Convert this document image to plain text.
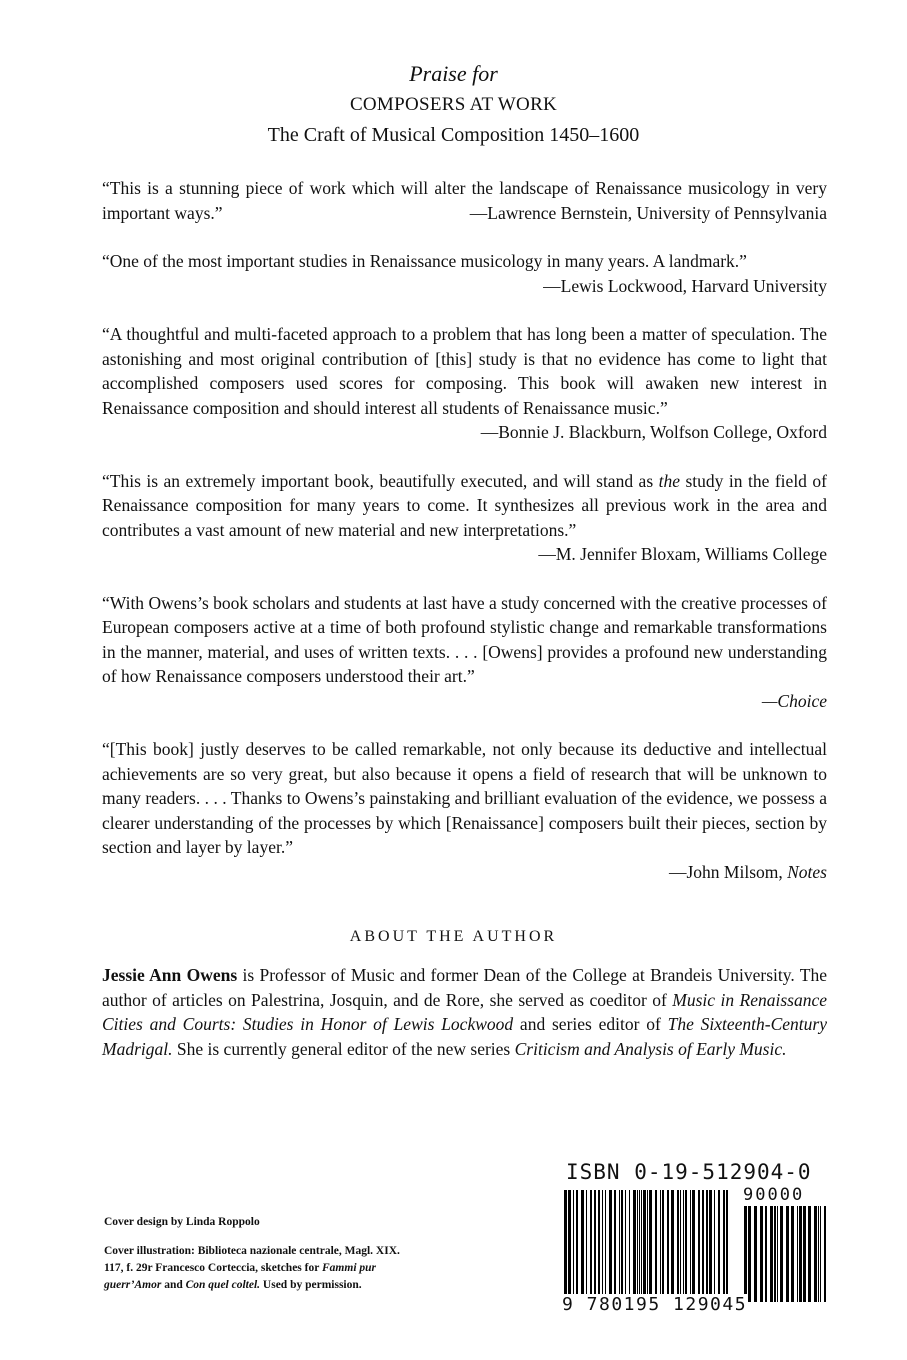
Praise for
COMPOSERS AT WORK
The Craft of Musical Composition 1450–1600
“This is a stunning piece of work which will alter the landscape of Renaissance musicology in very important ways.”	—Lawrence Bernstein, University of Pennsylvania
“One of the most important studies in Renaissance musicology in many years. A landmark.”
—Lewis Lockwood, Harvard University
“A thoughtful and multi-faceted approach to a problem that has long been a matter of speculation. The astonishing and most original contribution of [this] study is that no evidence has come to light that accomplished composers used scores for composing. This book will awaken new interest in Renaissance composition and should interest all students of Renaissance music.”
—Bonnie J. Blackburn, Wolfson College, Oxford
“This is an extremely important book, beautifully executed, and will stand as the study in the field of Renaissance composition for many years to come. It synthesizes all previous work in the area and contributes a vast amount of new material and new interpretations.”
—M. Jennifer Bloxam, Williams College
“With Owens’s book scholars and students at last have a study concerned with the creative processes of European composers active at a time of both profound stylistic change and remarkable transformations in the manner, material, and uses of written texts. . . . [Owens] provides a profound new understanding of how Renaissance composers understood their art.”
—Choice
“[This book] justly deserves to be called remarkable, not only because its deductive and intellectual achievements are so very great, but also because it opens a field of research that will be unknown to many readers. . . . Thanks to Owens’s painstaking and brilliant evaluation of the evidence, we possess a clearer understanding of the processes by which [Renaissance] composers built their pieces, section by section and layer by layer.”
—John Milsom, Notes
ABOUT THE AUTHOR
Jessie Ann Owens is Professor of Music and former Dean of the College at Brandeis University. The author of articles on Palestrina, Josquin, and de Rore, she served as coeditor of Music in Renaissance Cities and Courts: Studies in Honor of Lewis Lockwood and series editor of The Sixteenth-Century Madrigal. She is currently general editor of the new series Criticism and Analysis of Early Music.

Cover design by Linda Roppolo

Cover illustration: Biblioteca nazionale centrale, Magl. XIX. 117, f. 29r Francesco Corteccia, sketches for Fammi pur guerr’Amor and Con quel coltel. Used by permission.

ISBN 0-19-512904-0
90000
9 780195 129045
